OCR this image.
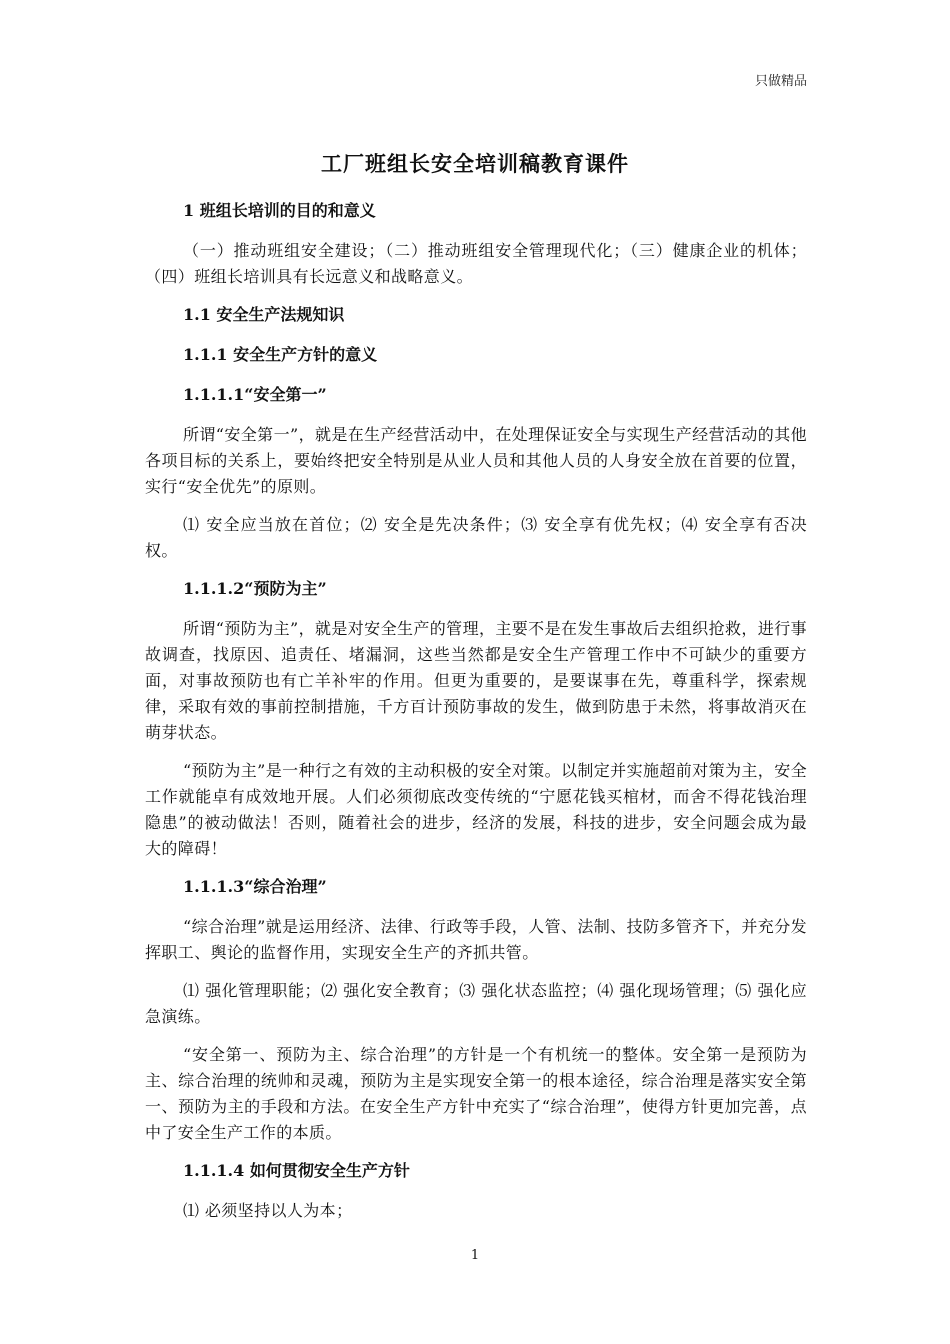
只做精品
工厂班组长安全培训稿教育课件
1 班组长培训的目的和意义
（一）推动班组安全建设；（二）推动班组安全管理现代化；（三）健康企业的机体；（四）班组长培训具有长远意义和战略意义。
1.1 安全生产法规知识
1.1.1 安全生产方针的意义
1.1.1.1“安全第一”
所谓“安全第一”，就是在生产经营活动中，在处理保证安全与实现生产经营活动的其他各项目标的关系上，要始终把安全特别是从业人员和其他人员的人身安全放在首要的位置，实行“安全优先”的原则。
⑴ 安全应当放在首位；⑵ 安全是先决条件；⑶ 安全享有优先权；⑷ 安全享有否决权。
1.1.1.2“预防为主”
所谓“预防为主”，就是对安全生产的管理，主要不是在发生事故后去组织抢救，进行事故调查，找原因、追责任、堵漏洞，这些当然都是安全生产管理工作中不可缺少的重要方面，对事故预防也有亡羊补牢的作用。但更为重要的，是要谋事在先，尊重科学，探索规律，采取有效的事前控制措施，千方百计预防事故的发生，做到防患于未然，将事故消灭在萌芽状态。
“预防为主”是一种行之有效的主动积极的安全对策。以制定并实施超前对策为主，安全工作就能卓有成效地开展。人们必须彻底改变传统的“宁愿花钱买棺材，而舍不得花钱治理隐患”的被动做法！否则，随着社会的进步，经济的发展，科技的进步，安全问题会成为最大的障碍！
1.1.1.3“综合治理”
“综合治理”就是运用经济、法律、行政等手段，人管、法制、技防多管齐下，并充分发挥职工、舆论的监督作用，实现安全生产的齐抓共管。
⑴ 强化管理职能；⑵ 强化安全教育；⑶ 强化状态监控；⑷ 强化现场管理；⑸ 强化应急演练。
“安全第一、预防为主、综合治理”的方针是一个有机统一的整体。安全第一是预防为主、综合治理的统帅和灵魂，预防为主是实现安全第一的根本途径，综合治理是落实安全第一、预防为主的手段和方法。在安全生产方针中充实了“综合治理”，使得方针更加完善，点中了安全生产工作的本质。
1.1.1.4 如何贯彻安全生产方针
⑴ 必须坚持以人为本；
1
